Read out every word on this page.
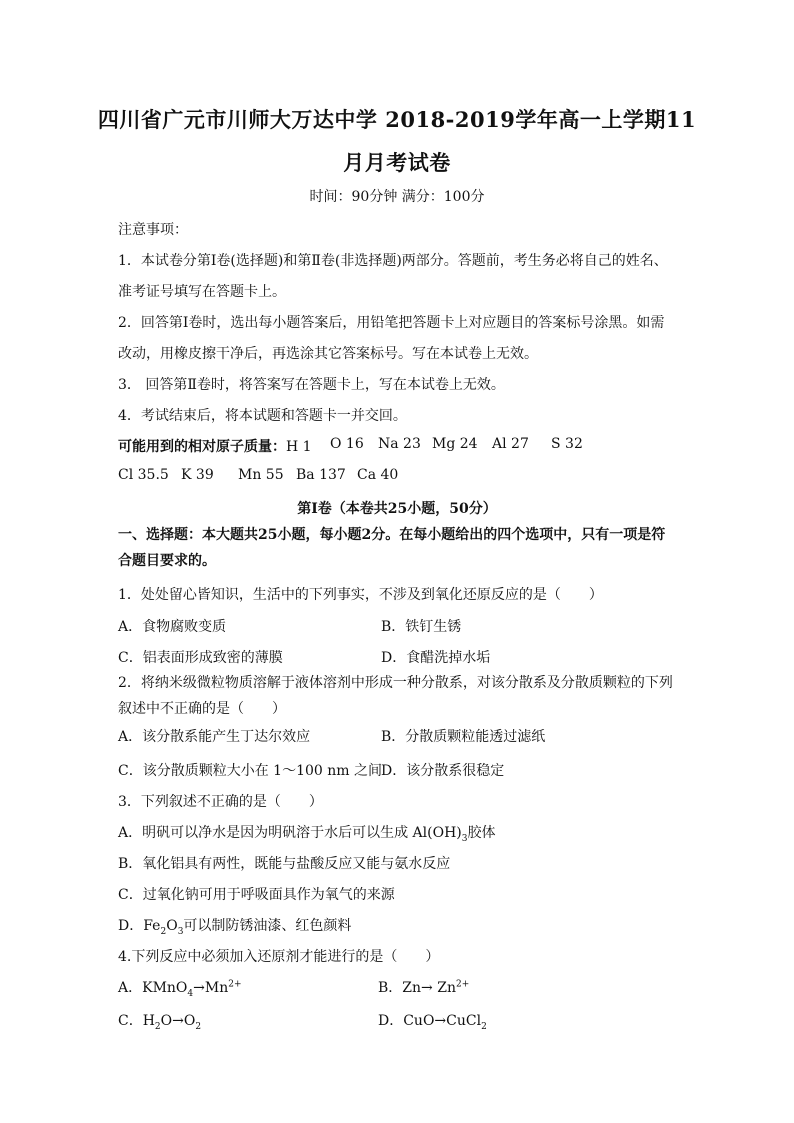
四川省广元市川师大万达中学 2018-2019学年高一上学期11
月月考试卷
时间：90分钟 满分：100分
注意事项：
1．本试卷分第Ⅰ卷(选择题)和第Ⅱ卷(非选择题)两部分。答题前，考生务必将自己的姓名、
准考证号填写在答题卡上。
2．回答第Ⅰ卷时，选出每小题答案后，用铅笔把答题卡上对应题目的答案标号涂黑。如需
改动，用橡皮擦干净后，再选涂其它答案标号。写在本试卷上无效。
3． 回答第Ⅱ卷时，将答案写在答题卡上，写在本试卷上无效。
4．考试结束后，将本试题和答题卡一并交回。
可能用到的相对原子质量：H 1	O 16 Na 23 Mg 24 Al 27 S 32
Cl 35.5 K 39 Mn 55 Ba 137 Ca 40
第Ⅰ卷（本卷共25小题，50分）
一、选择题：本大题共25小题，每小题2分。在每小题给出的四个选项中，只有一项是符
合题目要求的。
1．处处留心皆知识，生活中的下列事实，不涉及到氧化还原反应的是（　　）
A．食物腐败变质	B．铁钉生锈
C．铝表面形成致密的薄膜	D．食醋洗掉水垢
2．将纳米级微粒物质溶解于液体溶剂中形成一种分散系，对该分散系及分散质颗粒的下列
叙述中不正确的是（　　）
A．该分散系能产生丁达尔效应	B．分散质颗粒能透过滤纸
C．该分散质颗粒大小在 1～100 nm 之间 D．该分散系很稳定
3．下列叙述不正确的是（　　）
A．明矾可以净水是因为明矾溶于水后可以生成 $Al(OH)_3$胶体
B．氧化铝具有两性，既能与盐酸反应又能与氨水反应
C．过氧化钠可用于呼吸面具作为氧气的来源
D．$Fe_2O_3$可以制防锈油漆、红色颜料
4.下列反应中必须加入还原剂才能进行的是（　　）
A．$KMnO_4\to Mn^{2+}$	B．$Zn\to Zn^{2+}$
C．$H_2O\to O_2$	D．CuO→CuCl$_2$
